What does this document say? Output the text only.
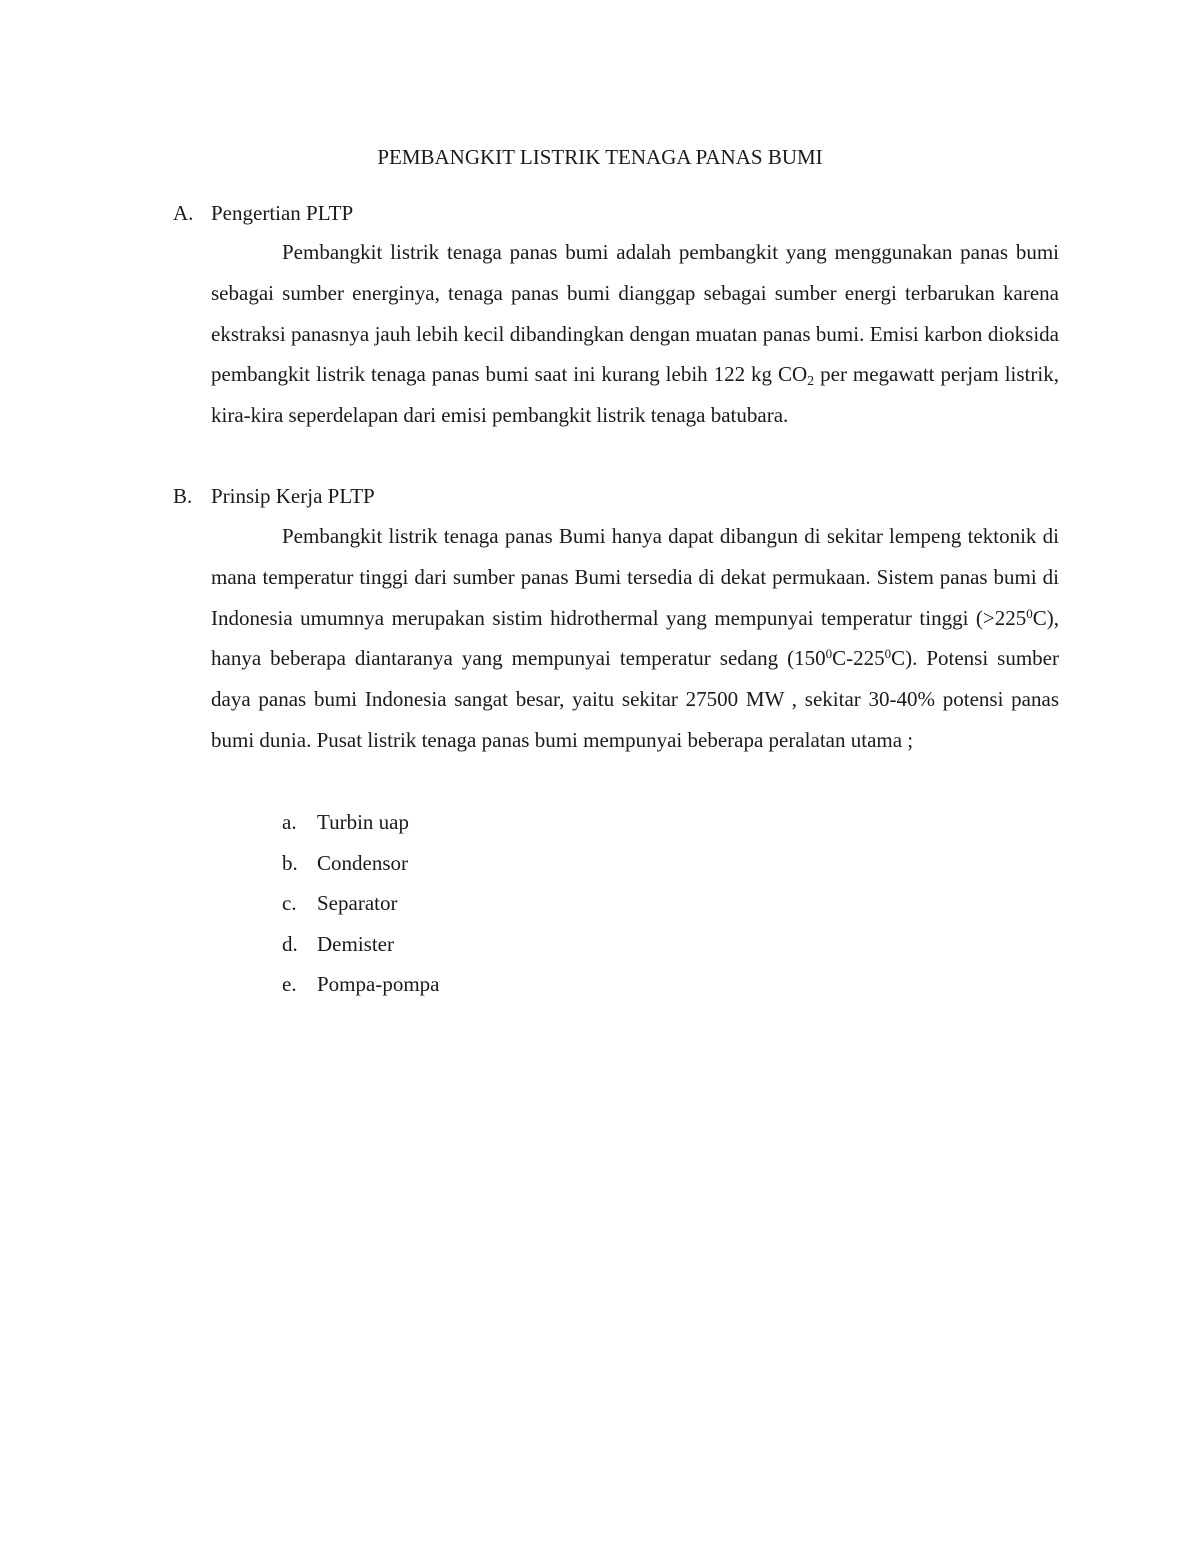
PEMBANGKIT LISTRIK TENAGA PANAS BUMI
A. Pengertian PLTP

Pembangkit listrik tenaga panas bumi adalah pembangkit yang menggunakan panas bumi sebagai sumber energinya, tenaga panas bumi dianggap sebagai sumber energi terbarukan karena ekstraksi panasnya jauh lebih kecil dibandingkan dengan muatan panas bumi. Emisi karbon dioksida pembangkit listrik tenaga panas bumi saat ini kurang lebih 122 kg $CO_2$ per megawatt perjam listrik, kira-kira seperdelapan dari emisi pembangkit listrik tenaga batubara.

B. Prinsip Kerja PLTP

Pembangkit listrik tenaga panas Bumi hanya dapat dibangun di sekitar lempeng tektonik di mana temperatur tinggi dari sumber panas Bumi tersedia di dekat permukaan. Sistem panas bumi di Indonesia umumnya merupakan sistim hidrothermal yang mempunyai temperatur tinggi $(>225^0C)$, hanya beberapa diantaranya yang mempunyai temperatur sedang $(150^0C-225^0C)$. Potensi sumber daya panas bumi Indonesia sangat besar, yaitu sekitar 27500 MW , sekitar 30-40% potensi panas bumi dunia. Pusat listrik tenaga panas bumi mempunyai beberapa peralatan utama ;

a. Turbin uap
b. Condensor
c. Separator
d. Demister
e. Pompa-pompa
